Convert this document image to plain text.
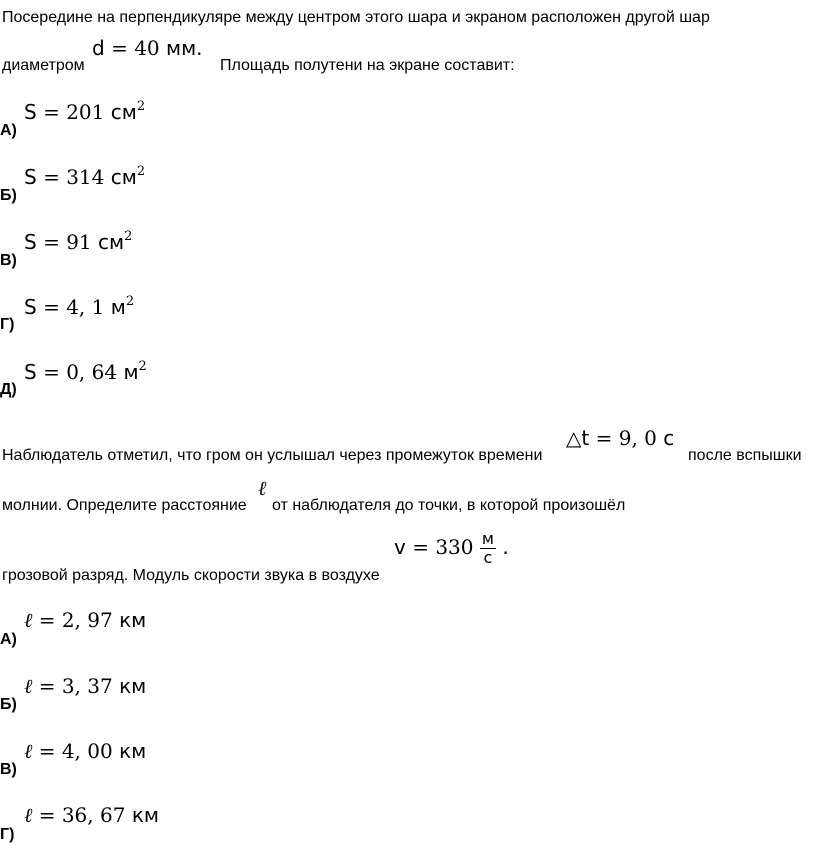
Посередине на перпендикуляре между центром этого шара и экраном расположен другой шар
d = 40 мм.
диаметром	Площадь полутени на экране составит:
А)
S = 201 $см^2$
Б)
S = 314 $см^2$
В)
S = 91 $см^2$
Г)
S = 4, 1 $м^2$
Д)
S = 0, 64 $м^2$
△t = 9, 0 с
Наблюдатель отметил, что гром он услышал через промежуток времени	после вспышки
ℓ
молнии. Определите расстояние от наблюдателя до точки, в которой произошёл
$v = 330 \frac{м}{с}$ .
грозовой разряд. Модуль скорости звука в воздухе
А)
ℓ = 2, 97 км
Б)
ℓ = 3, 37 км
В)
ℓ = 4, 00 км
Г)
ℓ = 36, 67 км
